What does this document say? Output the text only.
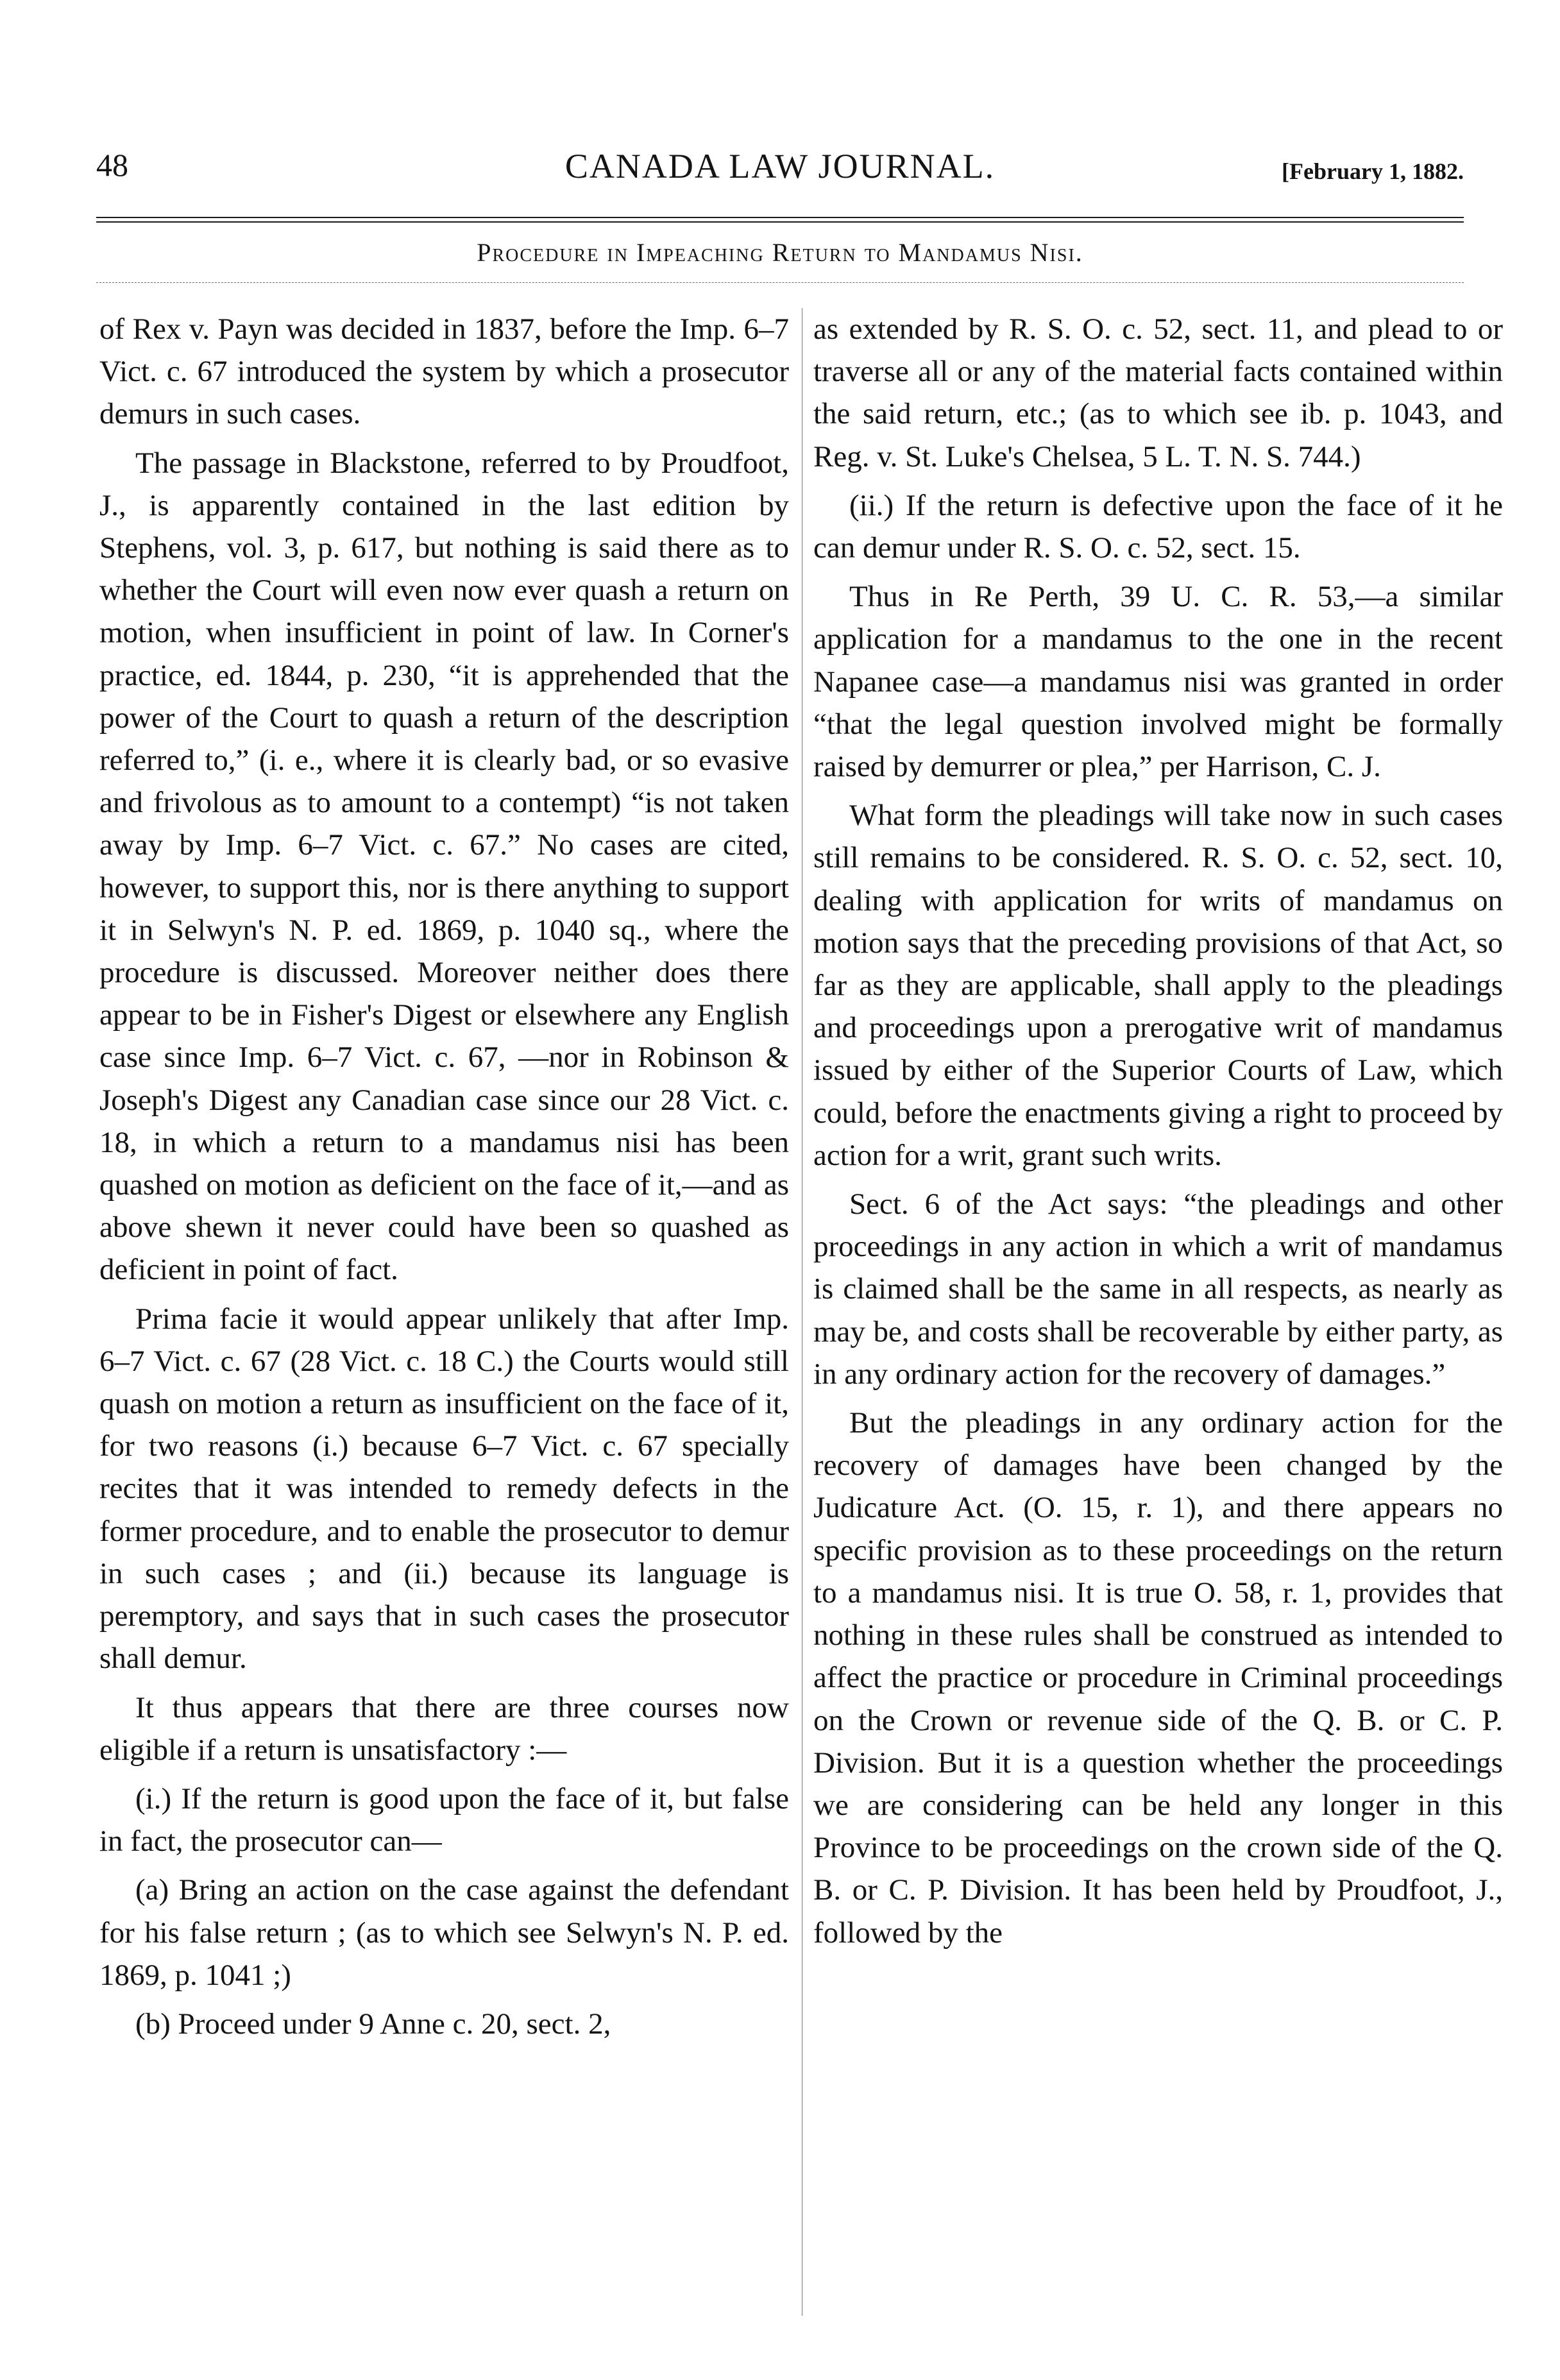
48	CANADA LAW JOURNAL.	[February 1, 1882.
Procedure in Impeaching Return to Mandamus Nisi.

of Rex v. Payn was decided in 1837, before the Imp. 6–7 Vict. c. 67 introduced the system by which a prosecutor demurs in such cases.

The passage in Blackstone, referred to by Proudfoot, J., is apparently contained in the last edition by Stephens, vol. 3, p. 617, but nothing is said there as to whether the Court will even now ever quash a return on motion, when insufficient in point of law. In Corner's practice, ed. 1844, p. 230, “it is apprehended that the power of the Court to quash a return of the description referred to,” (i. e., where it is clearly bad, or so evasive and frivolous as to amount to a contempt) “is not taken away by Imp. 6–7 Vict. c. 67.” No cases are cited, however, to support this, nor is there anything to support it in Selwyn's N. P. ed. 1869, p. 1040 sq., where the procedure is discussed. Moreover neither does there appear to be in Fisher's Digest or elsewhere any English case since Imp. 6–7 Vict. c. 67, —nor in Robinson & Joseph's Digest any Canadian case since our 28 Vict. c. 18, in which a return to a mandamus nisi has been quashed on motion as deficient on the face of it,—and as above shewn it never could have been so quashed as deficient in point of fact.

Prima facie it would appear unlikely that after Imp. 6–7 Vict. c. 67 (28 Vict. c. 18 C.) the Courts would still quash on motion a return as insufficient on the face of it, for two reasons (i.) because 6–7 Vict. c. 67 specially recites that it was intended to remedy defects in the former procedure, and to enable the prosecutor to demur in such cases ; and (ii.) because its language is peremptory, and says that in such cases the prosecutor shall demur.

It thus appears that there are three courses now eligible if a return is unsatisfactory :—

(i.) If the return is good upon the face of it, but false in fact, the prosecutor can—

(a) Bring an action on the case against the defendant for his false return ; (as to which see Selwyn's N. P. ed. 1869, p. 1041 ;)

(b) Proceed under 9 Anne c. 20, sect. 2,

as extended by R. S. O. c. 52, sect. 11, and plead to or traverse all or any of the material facts contained within the said return, etc.; (as to which see ib. p. 1043, and Reg. v. St. Luke's Chelsea, 5 L. T. N. S. 744.)

(ii.) If the return is defective upon the face of it he can demur under R. S. O. c. 52, sect. 15.

Thus in Re Perth, 39 U. C. R. 53,—a similar application for a mandamus to the one in the recent Napanee case—a mandamus nisi was granted in order “that the legal question involved might be formally raised by demurrer or plea,” per Harrison, C. J.

What form the pleadings will take now in such cases still remains to be considered. R. S. O. c. 52, sect. 10, dealing with application for writs of mandamus on motion says that the preceding provisions of that Act, so far as they are applicable, shall apply to the pleadings and proceedings upon a prerogative writ of mandamus issued by either of the Superior Courts of Law, which could, before the enactments giving a right to proceed by action for a writ, grant such writs.

Sect. 6 of the Act says: “the pleadings and other proceedings in any action in which a writ of mandamus is claimed shall be the same in all respects, as nearly as may be, and costs shall be recoverable by either party, as in any ordinary action for the recovery of damages.”

But the pleadings in any ordinary action for the recovery of damages have been changed by the Judicature Act. (O. 15, r. 1), and there appears no specific provision as to these proceedings on the return to a mandamus nisi. It is true O. 58, r. 1, provides that nothing in these rules shall be construed as intended to affect the practice or procedure in Criminal proceedings on the Crown or revenue side of the Q. B. or C. P. Division. But it is a question whether the proceedings we are considering can be held any longer in this Province to be proceedings on the crown side of the Q. B. or C. P. Division. It has been held by Proudfoot, J., followed by the
